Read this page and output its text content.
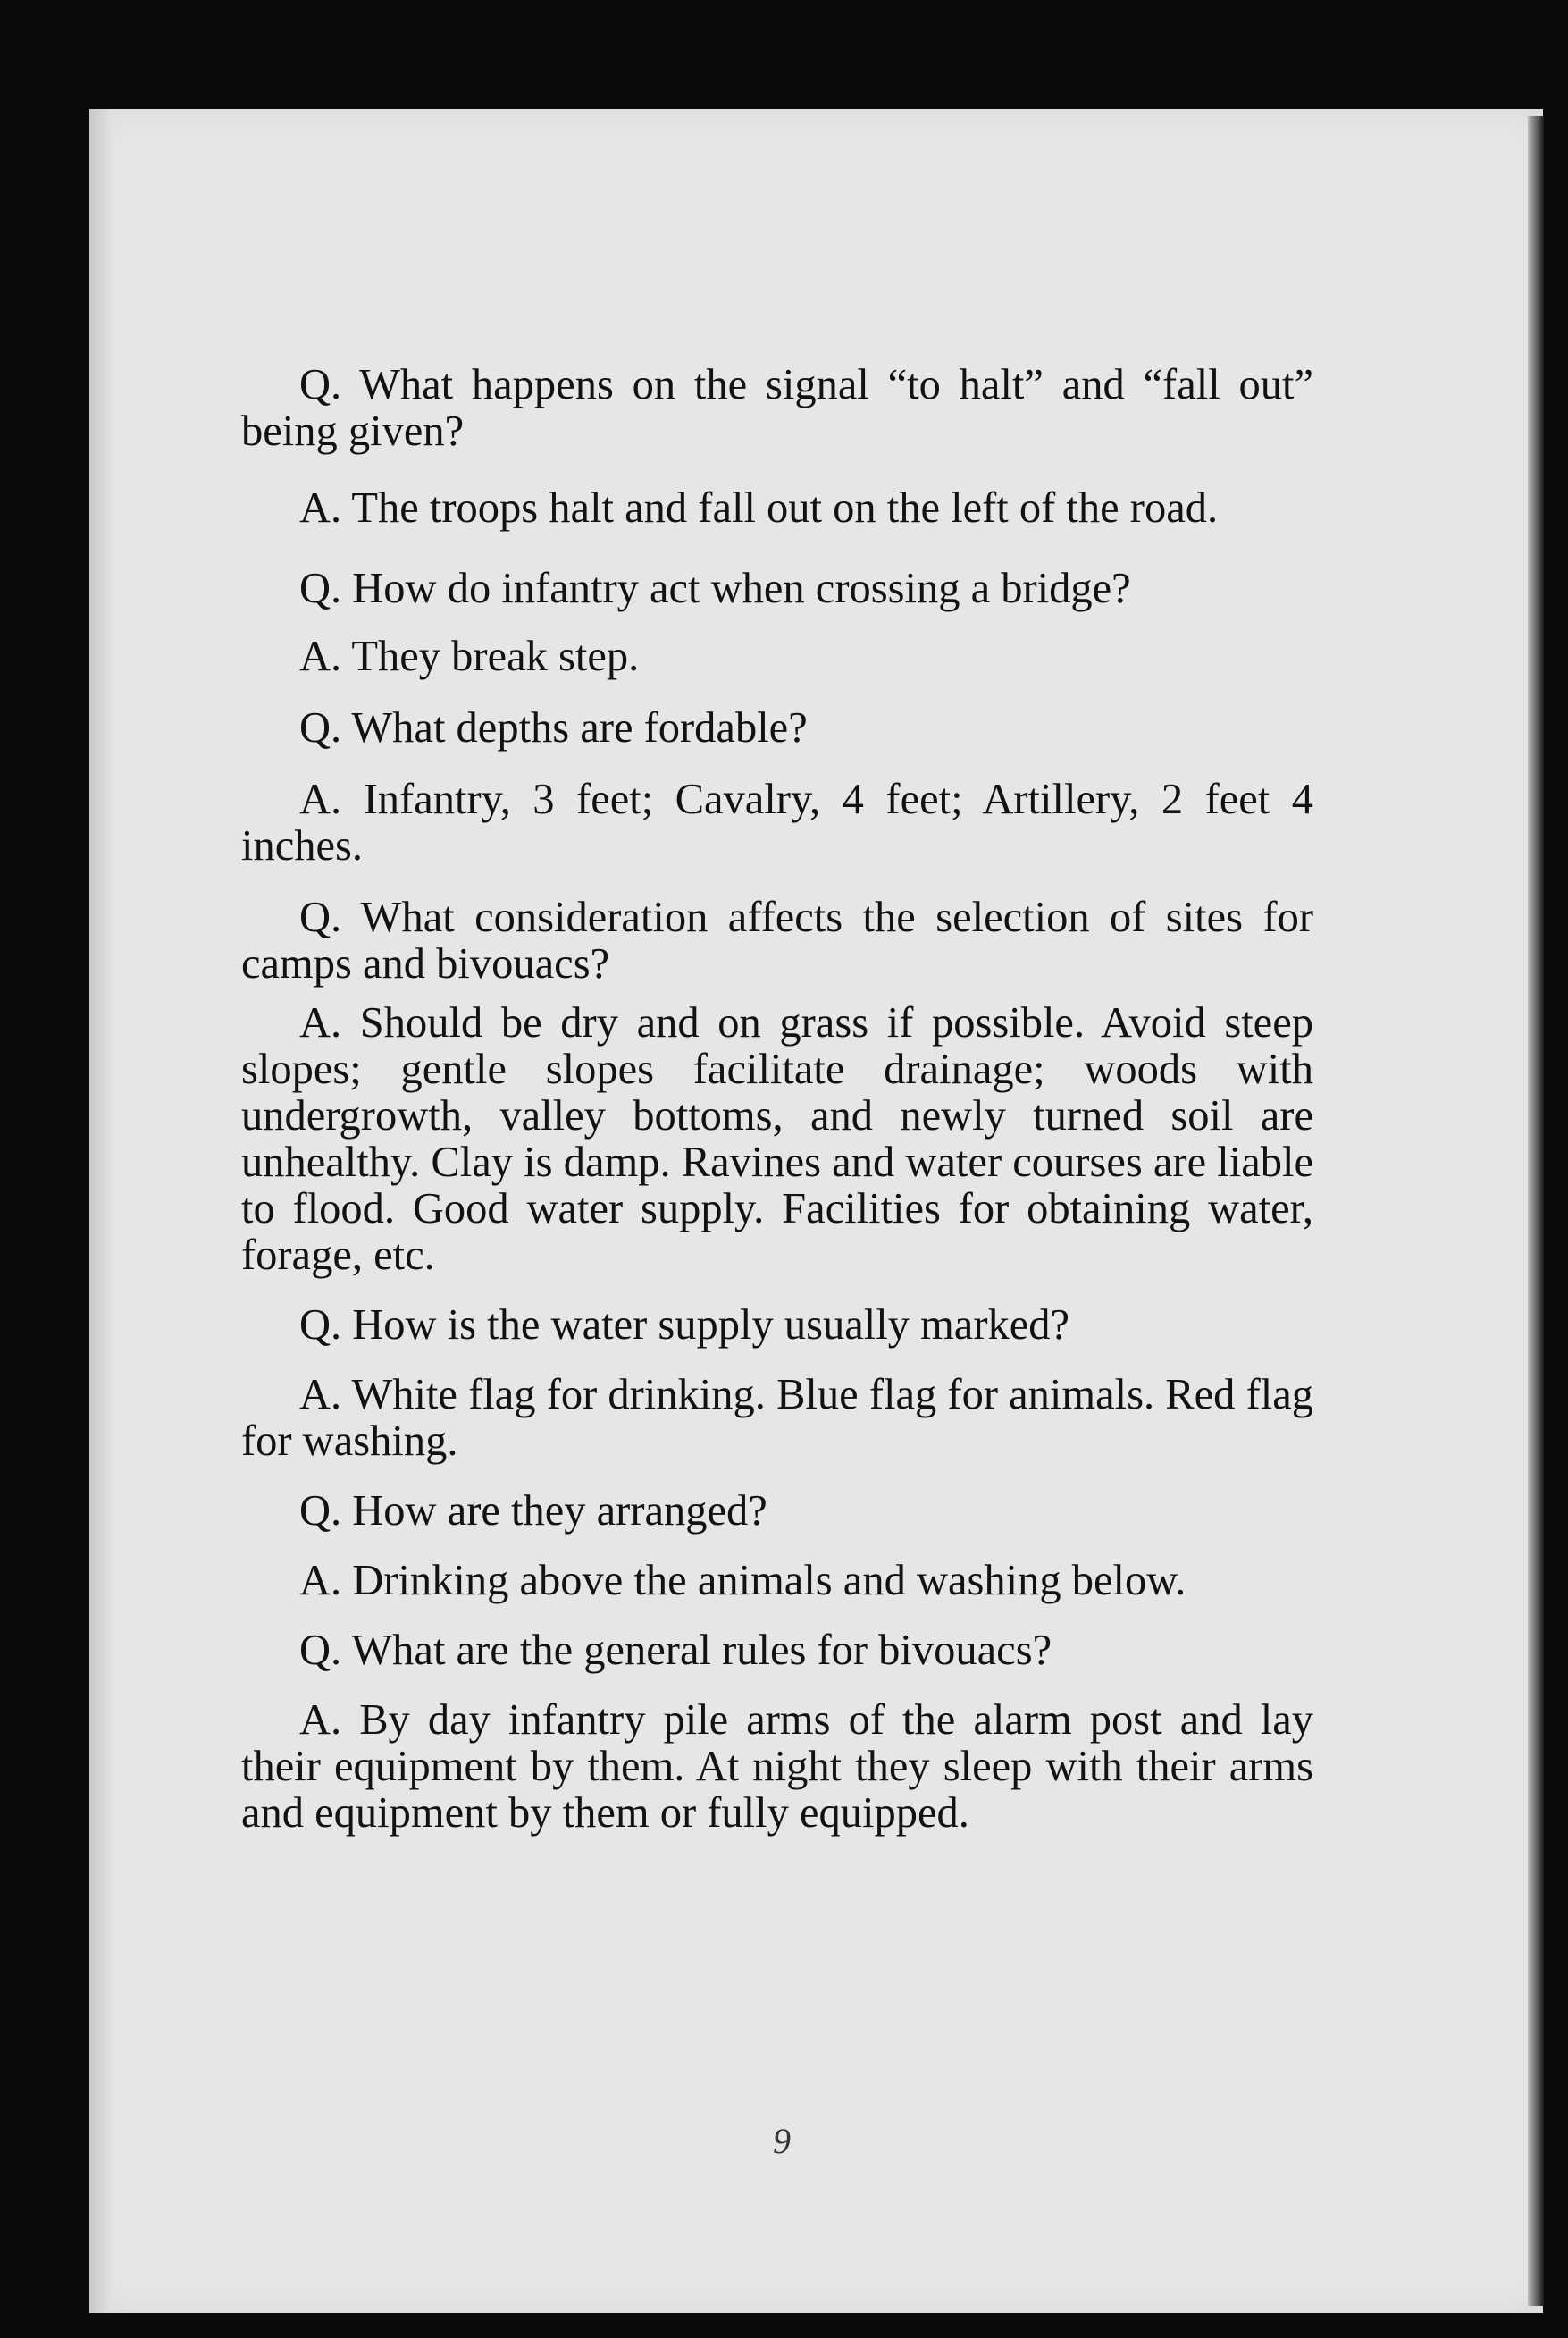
Q. What happens on the signal “to halt” and “fall out” being given?

A. The troops halt and fall out on the left of the road.

Q. How do infantry act when crossing a bridge?

A. They break step.

Q. What depths are fordable?

A. Infantry, 3 feet; Cavalry, 4 feet; Artillery, 2 feet 4 inches.

Q. What consideration affects the selection of sites for camps and bivouacs?

A. Should be dry and on grass if possible. Avoid steep slopes; gentle slopes facilitate drainage; woods with undergrowth, valley bottoms, and newly turned soil are unhealthy. Clay is damp. Ravines and water courses are liable to flood. Good water supply. Facilities for obtaining water, forage, etc.

Q. How is the water supply usually marked?

A. White flag for drinking. Blue flag for animals. Red flag for washing.

Q. How are they arranged?

A. Drinking above the animals and washing below.

Q. What are the general rules for bivouacs?

A. By day infantry pile arms of the alarm post and lay their equipment by them. At night they sleep with their arms and equipment by them or fully equipped.

9
